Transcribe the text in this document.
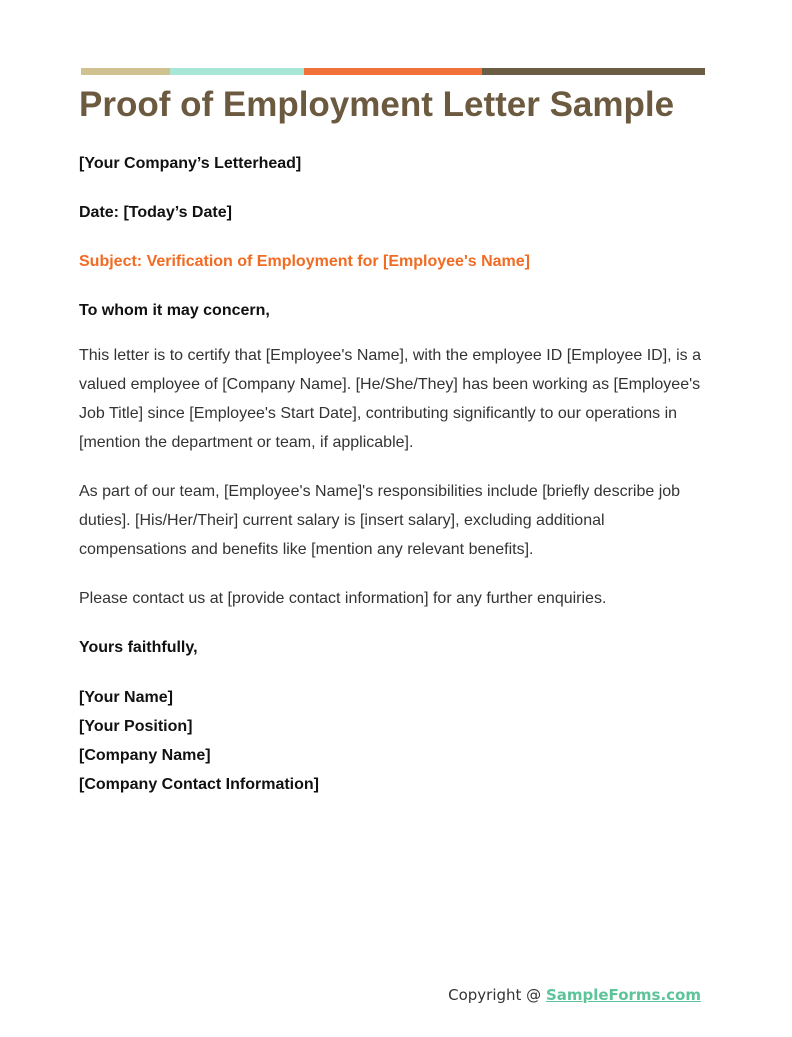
Proof of Employment Letter Sample

[Your Company’s Letterhead]

Date: [Today’s Date]

Subject: Verification of Employment for [Employee's Name]

To whom it may concern,

This letter is to certify that [Employee's Name], with the employee ID [Employee ID], is a valued employee of [Company Name]. [He/She/They] has been working as [Employee's Job Title] since [Employee's Start Date], contributing significantly to our operations in [mention the department or team, if applicable].

As part of our team, [Employee's Name]'s responsibilities include [briefly describe job duties]. [His/Her/Their] current salary is [insert salary], excluding additional compensations and benefits like [mention any relevant benefits].

Please contact us at [provide contact information] for any further enquiries.

Yours faithfully,

[Your Name]

[Your Position]

[Company Name]

[Company Contact Information]

Copyright @ SampleForms.com
